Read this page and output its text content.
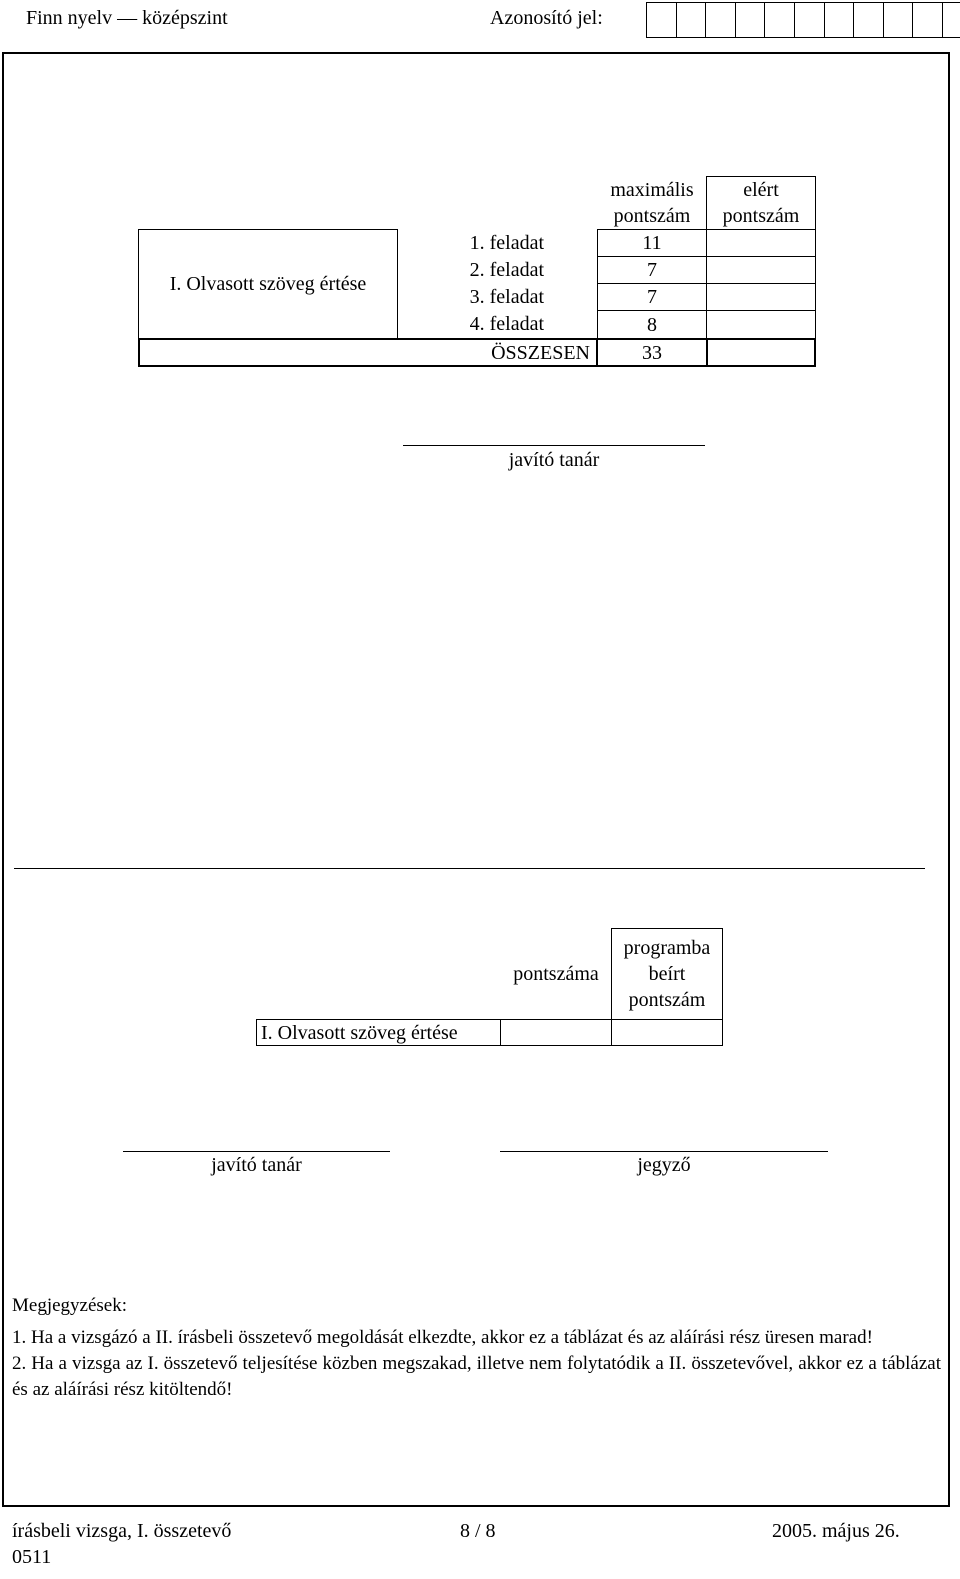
Finn nyelv — középszint	Azonosító jel:
maximális pontszám
elért pontszám
I. Olvasott szöveg értése
1. feladat	11
2. feladat	7
3. feladat	7
4. feladat	8
ÖSSZESEN	33
javító tanár
pontszáma
programba beírt pontszám
I. Olvasott szöveg értése
javító tanár	jegyző

Megjegyzések:

1. Ha a vizsgázó a II. írásbeli összetevő megoldását elkezdte, akkor ez a táblázat és az aláírási rész üresen marad!

2. Ha a vizsga az I. összetevő teljesítése közben megszakad, illetve nem folytatódik a II. összetevővel, akkor ez a táblázat és az aláírási rész kitöltendő!

írásbeli vizsga, I. összetevő	8 / 8	2005. május 26.
0511
